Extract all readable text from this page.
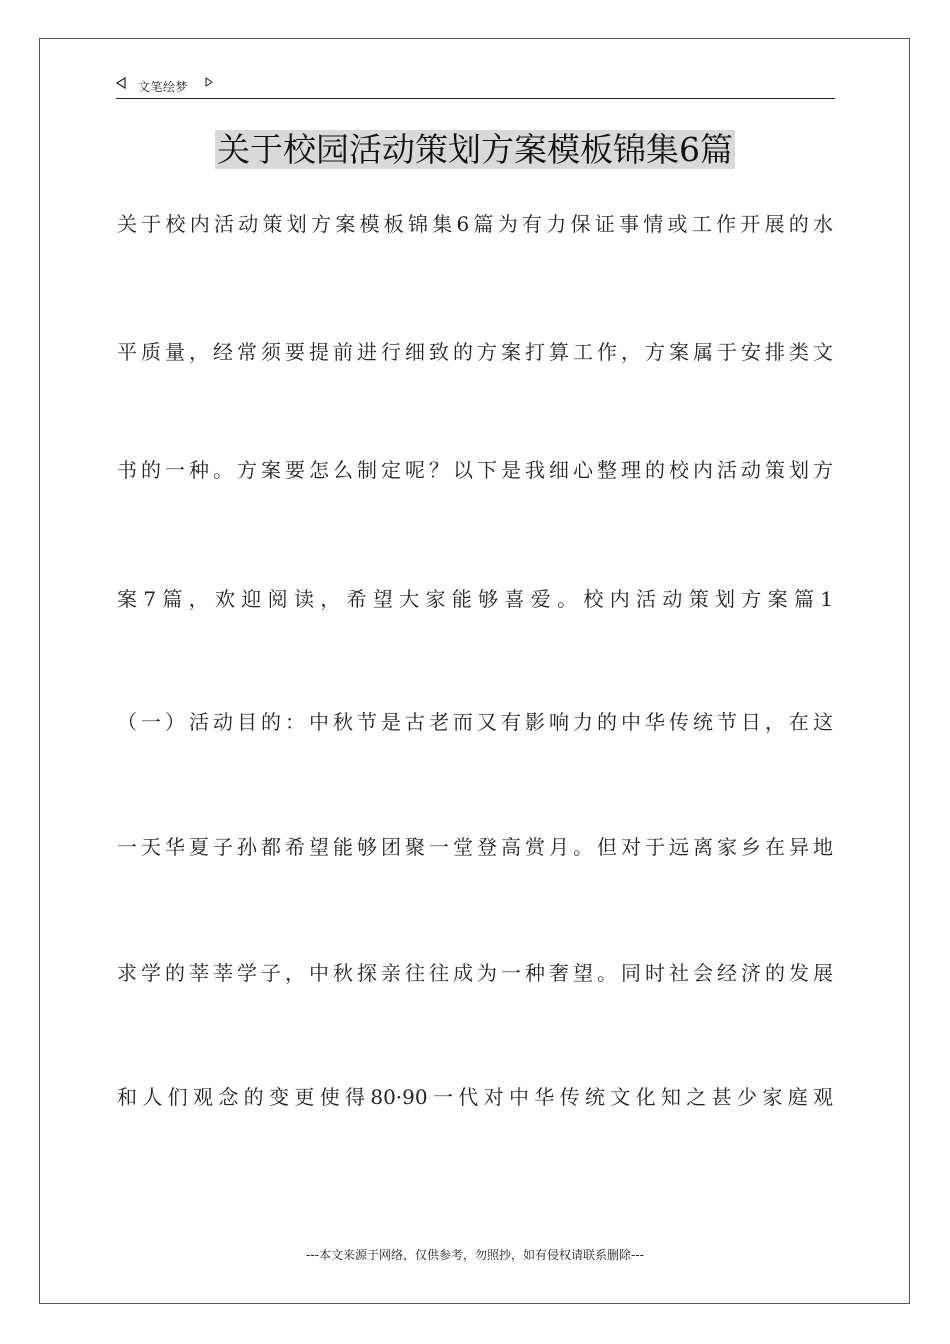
文笔绘梦
关于校园活动策划方案模板锦集6篇
关于校内活动策划方案模板锦集6篇为有力保证事情或工作开展的水
平质量，经常须要提前进行细致的方案打算工作，方案属于安排类文
书的一种。方案要怎么制定呢？以下是我细心整理的校内活动策划方
案7篇，欢迎阅读，希望大家能够喜爱。校内活动策划方案篇1
（一）活动目的：中秋节是古老而又有影响力的中华传统节日，在这
一天华夏子孙都希望能够团聚一堂登高赏月。但对于远离家乡在异地
求学的莘莘学子，中秋探亲往往成为一种奢望。同时社会经济的发展
和人们观念的变更使得80·90一代对中华传统文化知之甚少家庭观
---本文来源于网络，仅供参考，勿照抄，如有侵权请联系删除---
